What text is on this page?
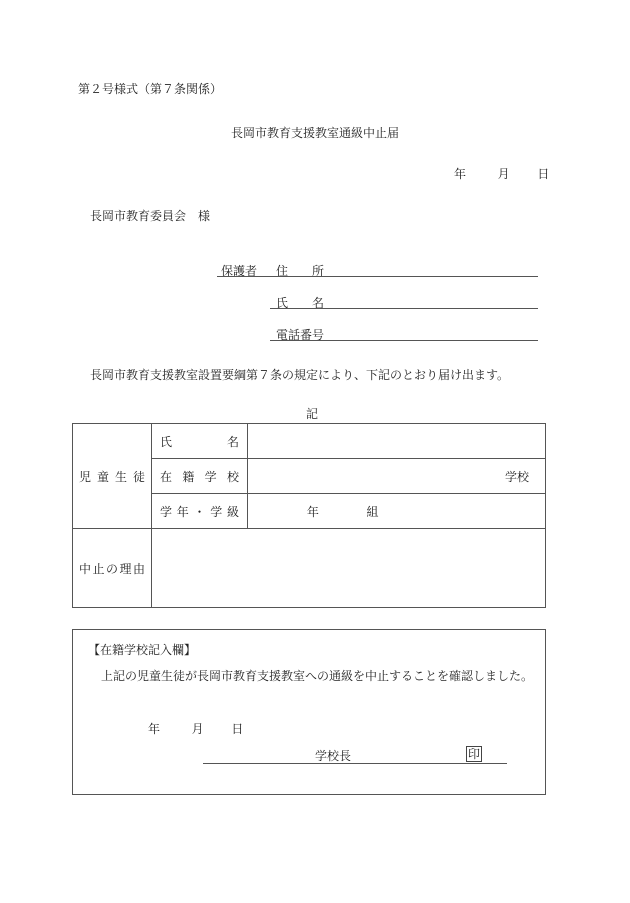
第２号様式（第７条関係）
長岡市教育支援教室通級中止届
年	月 日
長岡市教育委員会　様
保護者 住　　所
氏　　名
電話番号
長岡市教育支援教室設置要綱第７条の規定により、下記のとおり届け出ます。
記
児 童 生 徒	氏 名	

	在 籍 学 校	学校

	学 年 ・ 学 級	年 組

中 止 の 理 由		

【在籍学校記入欄】
上記の児童生徒が長岡市教育支援教室への通級を中止することを確認しました。
年	月 日
学校長	印
